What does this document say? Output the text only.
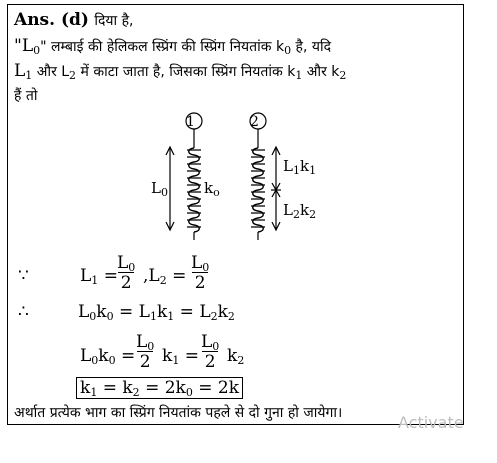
Ans. (d) दिया है,
"$L_0$" लम्बाई की हेलिकल स्प्रिंग की स्प्रिंग नियतांक $k_0$ है, यदि
$L_1$ और $L_2$ में काटा जाता है, जिसका स्प्रिंग नियतांक $k_1$ और $k_2$
हैं तो
1	2
$L_0$ $k_o$
$L_1k_1$
$L_2k_2$
∵	$L_1$ =
$L_0$
2 $,L_2$ =
$L_0$
2
∴	$L_0k_0 = L_1k_1 = L_2k_2$
$L_0k_0$ =
$L_0$
2 $k_1$ =
$L_0$
2 $k_2$
$k_1 = k_2 = 2k_0 = 2k$
अर्थात प्रत्येक भाग का स्प्रिंग नियतांक पहले से दो गुना हो जायेगा।	Activate
